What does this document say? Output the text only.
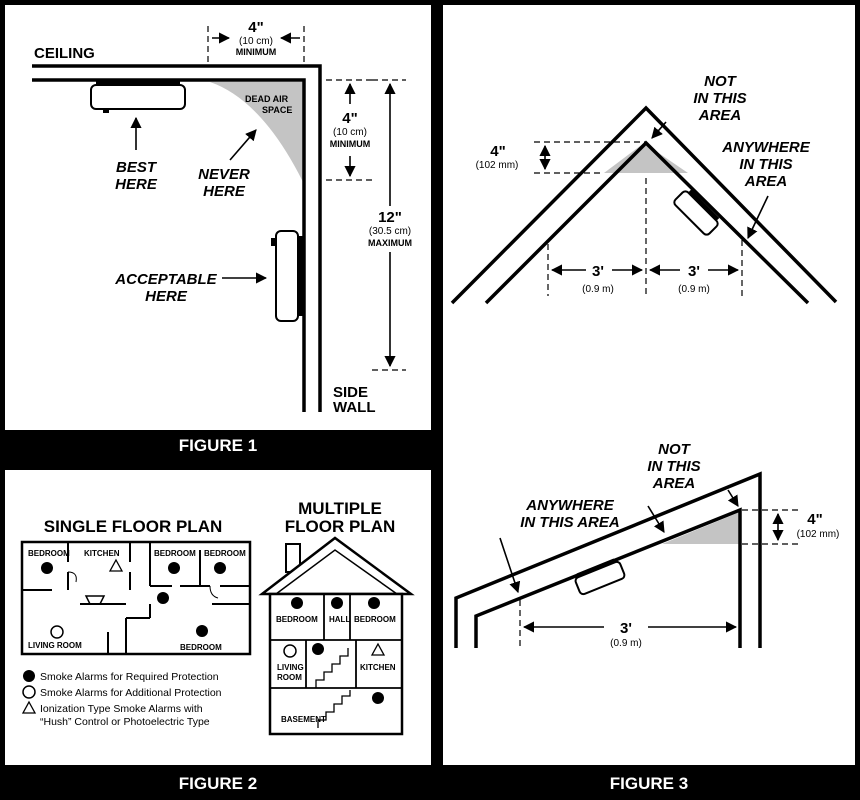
FIGURE 1
FIGURE 2	FIGURE 3
CEILING
SIDE
WALL
DEAD AIR
SPACE
4"
(10 cm)
MINIMUM
4"
(10 cm)
MINIMUM
12"
(30.5 cm)
MAXIMUM
BEST
HERE
NEVER
HERE
ACCEPTABLE
HERE
SINGLE FLOOR PLAN
BEDROOM KITCHEN	BEDROOM BEDROOM
LIVING ROOM	BEDROOM
MULTIPLE
FLOOR PLAN
BEDROOM HALL BEDROOM
LIVING
ROOM
KITCHEN
BASEMENT
Smoke Alarms for Required Protection
Smoke Alarms for Additional Protection
Ionization Type Smoke Alarms with
“Hush” Control or Photoelectric Type
4"
(102 mm)
NOT
IN THIS
AREA
ANYWHERE
IN THIS
AREA
3'
(0.9 m)
3'
(0.9 m)
4"
(102 mm)
NOT
IN THIS
AREA
ANYWHERE
IN THIS AREA
3'
(0.9 m)
